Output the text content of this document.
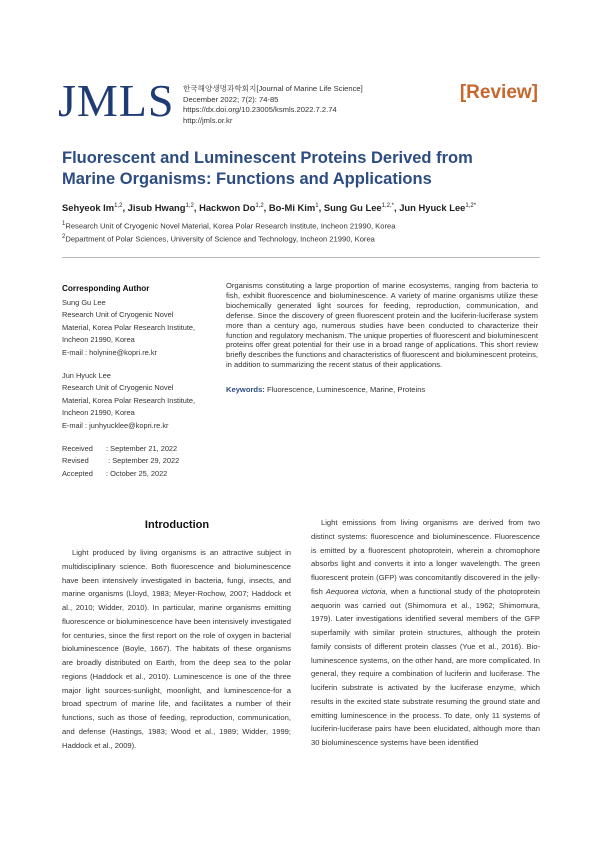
JMLS 한국해양생명과학회지[Journal of Marine Life Science]
December 2022; 7(2): 74-85
https://dx.doi.org/10.23005/ksmls.2022.7.2.74
http://jmls.or.kr
[Review]
Fluorescent and Luminescent Proteins Derived from
Marine Organisms: Functions and Applications
Sehyeok Im$^{1,2}$, Jisub Hwang$^{1,2}$, Hackwon Do$^{1,2}$, Bo-Mi Kim$^1$, Sung Gu Lee$^{1,2,*}$, Jun Hyuck Lee$^{1,2*}$
$^1$Research Unit of Cryogenic Novel Material, Korea Polar Research Institute, Incheon 21990, Korea
$^2$Department of Polar Sciences, University of Science and Technology, Incheon 21990, Korea
Corresponding Author
Sung Gu Lee
Research Unit of Cryogenic Novel
Material, Korea Polar Research Institute,
Incheon 21990, Korea
E-mail : holynine@kopri.re.kr
Jun Hyuck Lee
Research Unit of Cryogenic Novel
Material, Korea Polar Research Institute,
Incheon 21990, Korea
E-mail : junhyucklee@kopri.re.kr
Received	: September 21, 2022
Revised	: September 29, 2022
Accepted	: October 25, 2022
Organisms constituting a large proportion of marine ecosystems, ranging from bacteria to fish, exhibit fluorescence and bioluminescence. A variety of marine organisms utilize these biochemically generated light sources for feeding, reproduction, communication, and defense. Since the discovery of green fluorescent protein and the luciferin-luciferase system more than a century ago, numerous studies have been conducted to characterize their function and regulatory mechanism. The unique properties of fluorescent and bioluminescent proteins offer great potential for their use in a broad range of applications. This short review briefly describes the functions and characteristics of fluorescent and bioluminescent proteins, in addition to summarizing the recent status of their applications.
Keywords: Fluorescence, Luminescence, Marine, Proteins
Introduction

Light produced by living organisms is an attractive subject in multidisciplinary science. Both fluorescence and bioluminescence have been intensively investigated in bacteria, fungi, insects, and marine organisms (Lloyd, 1983; Meyer-Rochow, 2007; Haddock et al., 2010; Widder, 2010). In particular, marine organisms emitting fluorescence or bioluminescence have been intensively investigated for centuries, since the first report on the role of oxygen in bacterial bioluminescence (Boyle, 1667). The habitats of these organisms are broadly distributed on Earth, from the deep sea to the polar regions (Haddock et al., 2010). Luminescence is one of the three major light sources-sunlight, moonlight, and luminescence-for a broad spectrum of marine life, and facilitates a number of their functions, such as those of feeding, reproduction, communication, and defense (Hastings, 1983; Wood et al., 1989; Widder, 1999; Haddock et al., 2009).

Light emissions from living organisms are derived from two distinct systems: fluorescence and bioluminescence. Fluorescence is emitted by a fluorescent photoprotein, wherein a chromophore absorbs light and converts it into a longer wavelength. The green fluorescent protein (GFP) was concomitantly discovered in the jelly-fish Aequorea victoria, when a functional study of the photoprotein aequorin was carried out (Shimomura et al., 1962; Shimomura, 1979). Later investigations identified several members of the GFP superfamily with similar protein structures, although the protein family consists of different protein classes (Yue et al., 2016). Bio-luminescence systems, on the other hand, are more complicated. In general, they require a combination of luciferin and luciferase. The luciferin substrate is activated by the luciferase enzyme, which results in the excited state substrate resuming the ground state and emitting luminescence in the process. To date, only 11 systems of luciferin-luciferase pairs have been elucidated, although more than 30 bioluminescence systems have been identified
